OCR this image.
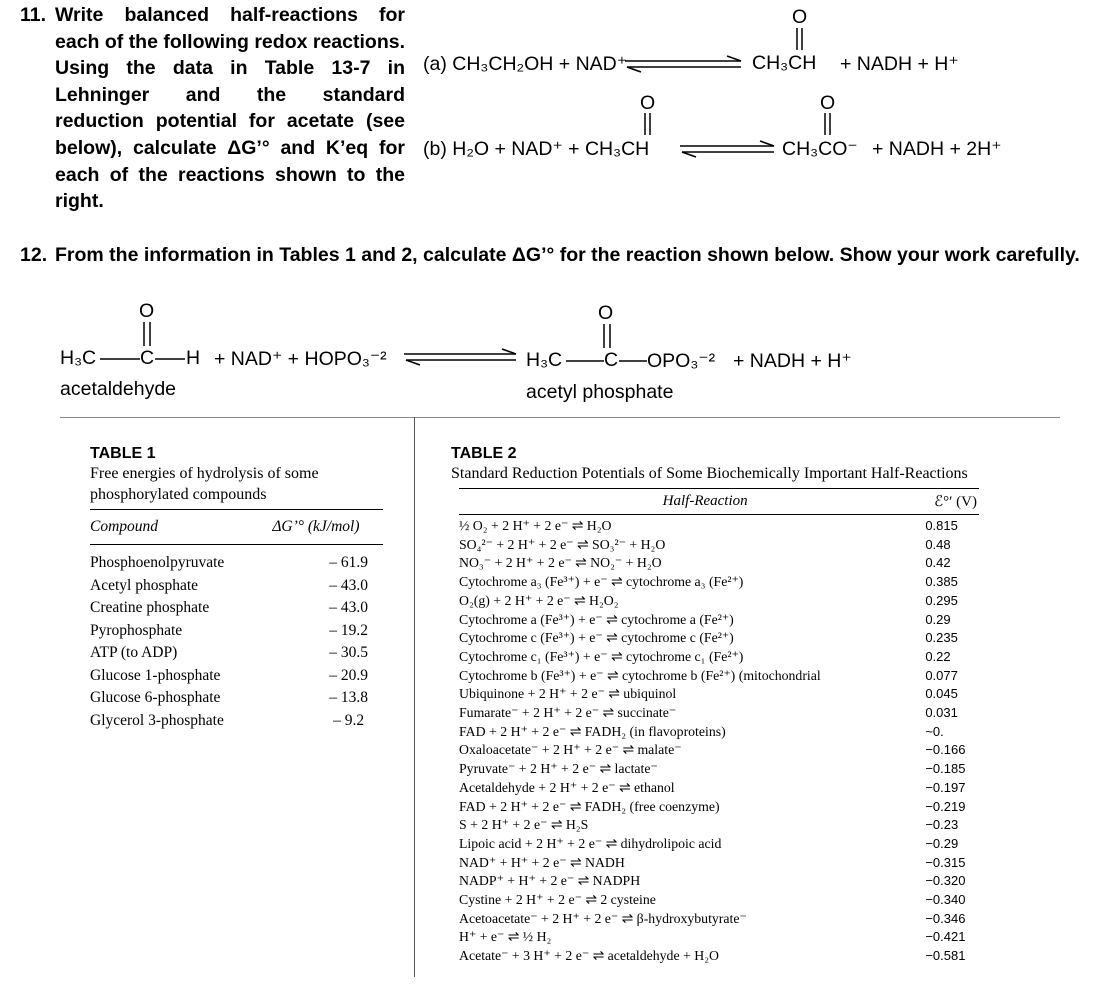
11. Write balanced half-reactions for each of the following redox reactions. Using the data in Table 13-7 in Lehninger and the standard reduction potential for acetate (see below), calculate ΔG’° and K’eq for each of the reactions shown to the right.
(a) CH₃CH₂OH + NAD⁺	CH₃CH
O
+ NADH + H⁺
(b) H₂O + NAD⁺ + CH₃CH
O
CH₃CO⁻
O
+ NADH + 2H⁺
12. From the information in Tables 1 and 2, calculate ΔG’° for the reaction shown below. Show your work carefully.
H₃C C
O
H + NAD⁺ + HOPO₃⁻²
acetaldehyde
H₃C C
O
OPO₃⁻² + NADH + H⁺
acetyl phosphate
TABLE 1
Free energies of hydrolysis of some
phosphorylated compounds
Compound	ΔG’° (kJ/mol)
Phosphoenolpyruvate	– 61.9
Acetyl phosphate	– 43.0
Creatine phosphate	– 43.0
Pyrophosphate	– 19.2
ATP (to ADP)	– 30.5
Glucose 1-phosphate	– 20.9
Glucose 6-phosphate	– 13.8
Glycerol 3-phosphate	– 9.2
TABLE 2
Standard Reduction Potentials of Some Biochemically Important Half-Reactions
Half-Reaction	ℰ°′ (V)
½ O₂ + 2 H⁺ + 2 e⁻ ⇌ H₂O	0.815
SO₄²⁻ + 2 H⁺ + 2 e⁻ ⇌ SO₃²⁻ + H₂O	0.48
NO₃⁻ + 2 H⁺ + 2 e⁻ ⇌ NO₂⁻ + H₂O	0.42
Cytochrome a₃ (Fe³⁺) + e⁻ ⇌ cytochrome a₃ (Fe²⁺)	0.385
O₂(g) + 2 H⁺ + 2 e⁻ ⇌ H₂O₂	0.295
Cytochrome a (Fe³⁺) + e⁻ ⇌ cytochrome a (Fe²⁺)	0.29
Cytochrome c (Fe³⁺) + e⁻ ⇌ cytochrome c (Fe²⁺)	0.235
Cytochrome c₁ (Fe³⁺) + e⁻ ⇌ cytochrome c₁ (Fe²⁺)	0.22
Cytochrome b (Fe³⁺) + e⁻ ⇌ cytochrome b (Fe²⁺) (mitochondrial	0.077
Ubiquinone + 2 H⁺ + 2 e⁻ ⇌ ubiquinol	0.045
Fumarate⁻ + 2 H⁺ + 2 e⁻ ⇌ succinate⁻	0.031
FAD + 2 H⁺ + 2 e⁻ ⇌ FADH₂ (in flavoproteins)	~0.
Oxaloacetate⁻ + 2 H⁺ + 2 e⁻ ⇌ malate⁻	−0.166
Pyruvate⁻ + 2 H⁺ + 2 e⁻ ⇌ lactate⁻	−0.185
Acetaldehyde + 2 H⁺ + 2 e⁻ ⇌ ethanol	−0.197
FAD + 2 H⁺ + 2 e⁻ ⇌ FADH₂ (free coenzyme)	−0.219
S + 2 H⁺ + 2 e⁻ ⇌ H₂S	−0.23
Lipoic acid + 2 H⁺ + 2 e⁻ ⇌ dihydrolipoic acid	−0.29
NAD⁺ + H⁺ + 2 e⁻ ⇌ NADH	−0.315
NADP⁺ + H⁺ + 2 e⁻ ⇌ NADPH	−0.320
Cystine + 2 H⁺ + 2 e⁻ ⇌ 2 cysteine	−0.340
Acetoacetate⁻ + 2 H⁺ + 2 e⁻ ⇌ β-hydroxybutyrate⁻	−0.346
H⁺ + e⁻ ⇌ ½ H₂	−0.421
Acetate⁻ + 3 H⁺ + 2 e⁻ ⇌ acetaldehyde + H₂O	−0.581
